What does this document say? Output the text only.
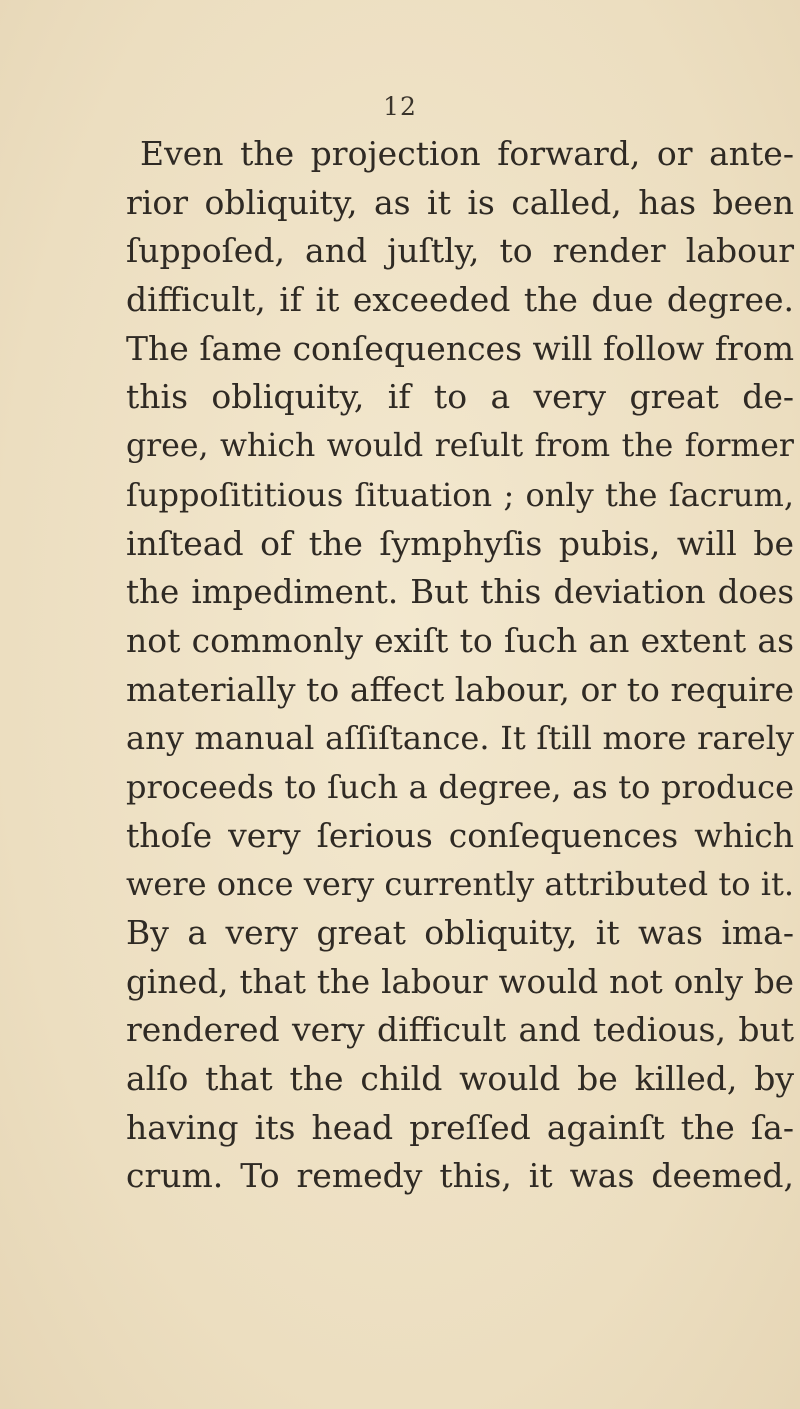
12
Even the projection forward, or ante-
rior obliquity, as it is called, has been
ſuppoſed, and juſtly, to render labour
difficult, if it exceeded the due degree.
The ſame conſequences will follow from
this obliquity, if to a very great de-
gree, which would reſult from the former
ſuppoſititious ſituation ; only the ſacrum,
inſtead of the ſymphyſis pubis, will be
the impediment. But this deviation does
not commonly exiſt to ſuch an extent as
materially to affect labour, or to require
any manual aſſiſtance. It ſtill more rarely
proceeds to ſuch a degree, as to produce
thoſe very ſerious conſequences which
were once very currently attributed to it.
By a very great obliquity, it was ima-
gined, that the labour would not only be
rendered very difficult and tedious, but
alſo that the child would be killed, by
having its head preſſed againſt the ſa-
crum. To remedy this, it was deemed,
